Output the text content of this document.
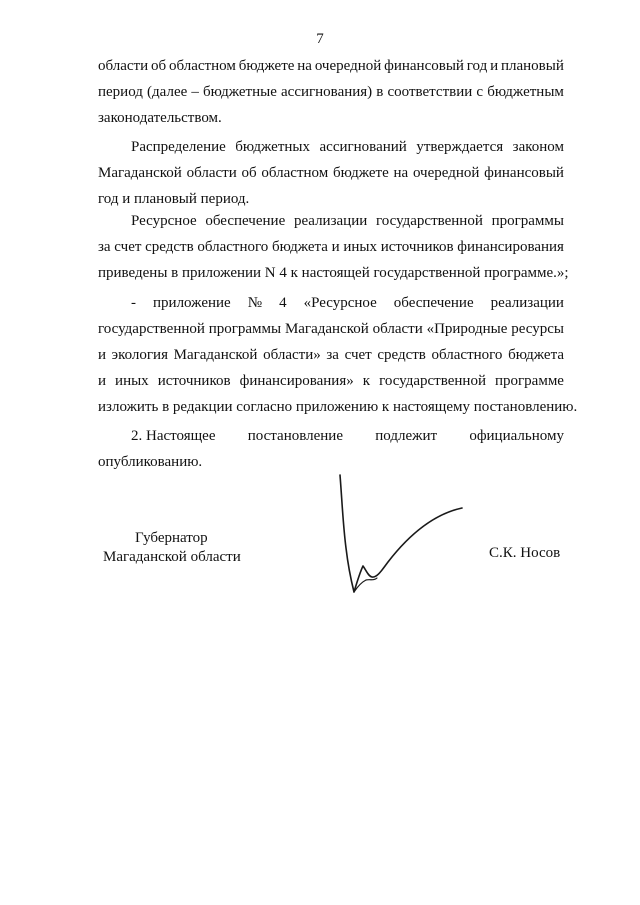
7
области об областном бюджете на очередной финансовый год и плановый
период (далее – бюджетные ассигнования) в соответствии с бюджетным
законодательством.
Распределение бюджетных ассигнований утверждается законом
Магаданской области об областном бюджете на очередной финансовый
год и плановый период.
Ресурсное обеспечение реализации государственной программы
за счет средств областного бюджета и иных источников финансирования
приведены в приложении N 4 к настоящей государственной программе.»;
- приложение № 4 «Ресурсное обеспечение реализации
государственной программы Магаданской области «Природные ресурсы
и экология Магаданской области» за счет средств областного бюджета
и иных источников финансирования» к государственной программе
изложить в редакции согласно приложению к настоящему постановлению.
2. Настоящее постановление подлежит официальному
опубликованию.
Губернатор
Магаданской области	С.К. Носов
